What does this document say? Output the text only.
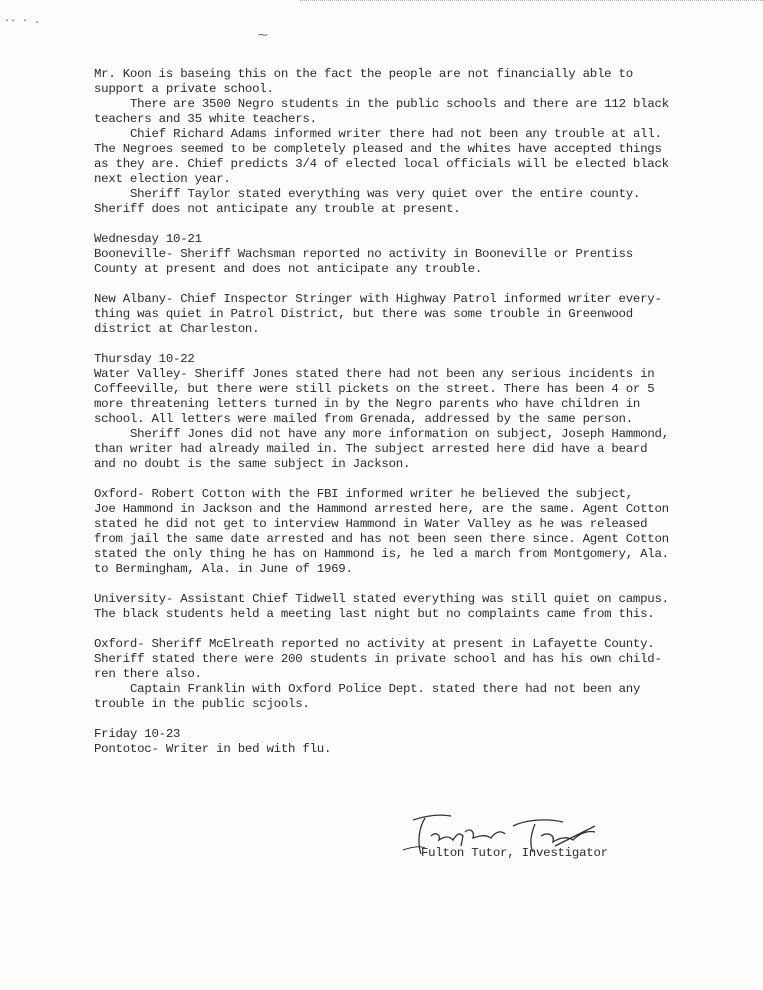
·· · .
⁓
Mr. Koon is baseing this on the fact the people are not financially able to
support a private school.
There are 3500 Negro students in the public schools and there are 112 black
teachers and 35 white teachers.
Chief Richard Adams informed writer there had not been any trouble at all.
The Negroes seemed to be completely pleased and the whites have accepted things
as they are. Chief predicts 3/4 of elected local officials will be elected black
next election year.
Sheriff Taylor stated everything was very quiet over the entire county.
Sheriff does not anticipate any trouble at present.
Wednesday 10-21
Booneville- Sheriff Wachsman reported no activity in Booneville or Prentiss
County at present and does not anticipate any trouble.
New Albany- Chief Inspector Stringer with Highway Patrol informed writer every-
thing was quiet in Patrol District, but there was some trouble in Greenwood
district at Charleston.
Thursday 10-22
Water Valley- Sheriff Jones stated there had not been any serious incidents in
Coffeeville, but there were still pickets on the street. There has been 4 or 5
more threatening letters turned in by the Negro parents who have children in
school. All letters were mailed from Grenada, addressed by the same person.
Sheriff Jones did not have any more information on subject, Joseph Hammond,
than writer had already mailed in. The subject arrested here did have a beard
and no doubt is the same subject in Jackson.
Oxford- Robert Cotton with the FBI informed writer he believed the subject,
Joe Hammond in Jackson and the Hammond arrested here, are the same. Agent Cotton
stated he did not get to interview Hammond in Water Valley as he was released
from jail the same date arrested and has not been seen there since. Agent Cotton
stated the only thing he has on Hammond is, he led a march from Montgomery, Ala.
to Bermingham, Ala. in June of 1969.
University- Assistant Chief Tidwell stated everything was still quiet on campus.
The black students held a meeting last night but no complaints came from this.
Oxford- Sheriff McElreath reported no activity at present in Lafayette County.
Sheriff stated there were 200 students in private school and has his own child-
ren there also.
Captain Franklin with Oxford Police Dept. stated there had not been any
trouble in the public scjools.
Friday 10-23
Pontotoc- Writer in bed with flu.
Fulton Tutor, Investigator
